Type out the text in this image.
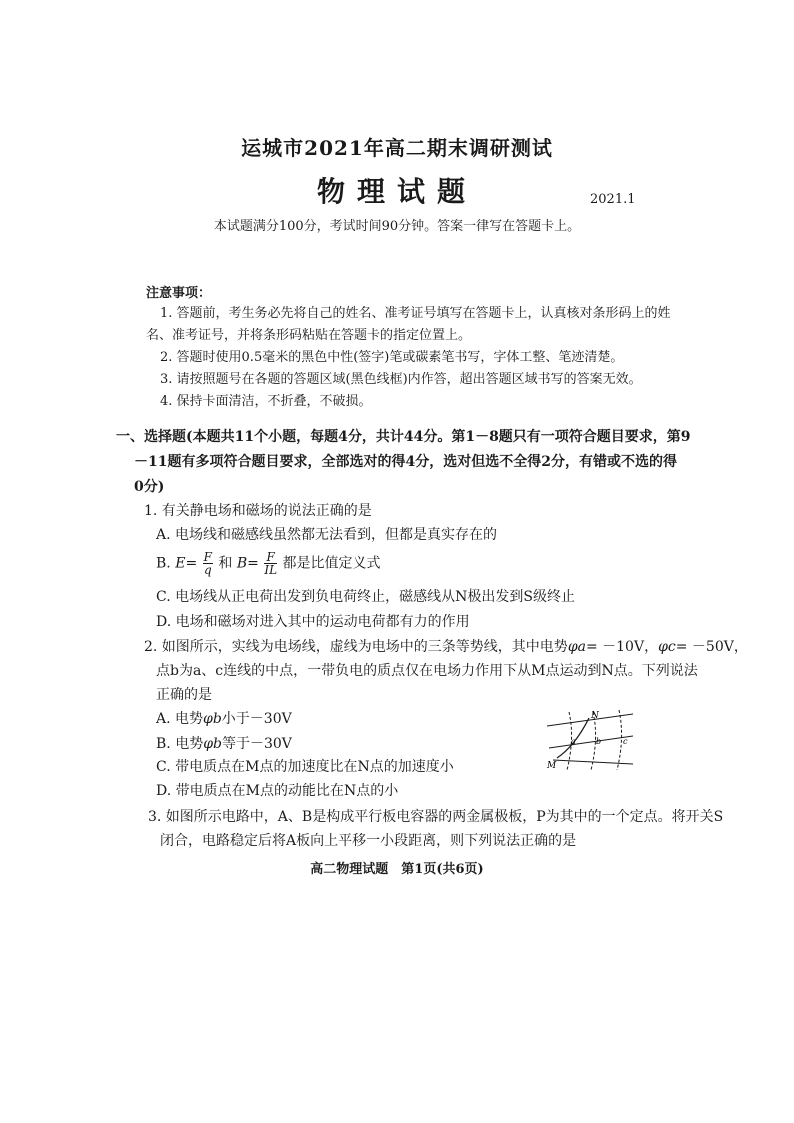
运城市2021年高二期末调研测试
物理试题	2021.1
本试题满分100分，考试时间90分钟。答案一律写在答题卡上。
注意事项：
1. 答题前，考生务必先将自己的姓名、准考证号填写在答题卡上，认真核对条形码上的姓
名、准考证号，并将条形码粘贴在答题卡的指定位置上。
2. 答题时使用0.5毫米的黑色中性(签字)笔或碳素笔书写，字体工整、笔迹清楚。
3. 请按照题号在各题的答题区域(黑色线框)内作答，超出答题区域书写的答案无效。
4. 保持卡面清洁，不折叠，不破损。
一、选择题(本题共11个小题，每题4分，共计44分。第1－8题只有一项符合题目要求，第9
－11题有多项符合题目要求，全部选对的得4分，选对但选不全得2分，有错或不选的得
0分)
1. 有关静电场和磁场的说法正确的是
A. 电场线和磁感线虽然都无法看到，但都是真实存在的
B. $E= \frac{F}{q}$ 和 $B= \frac{F}{IL}$ 都是比值定义式
C. 电场线从正电荷出发到负电荷终止，磁感线从N极出发到S级终止
D. 电场和磁场对进入其中的运动电荷都有力的作用
2. 如图所示，实线为电场线，虚线为电场中的三条等势线，其中电势φa= －10V，φc= －50V，
点b为a、c连线的中点，一带负电的质点仅在电场力作用下从M点运动到N点。下列说法
正确的是
A. 电势φb小于－30V
B. 电势φb等于－30V
C. 带电质点在M点的加速度比在N点的加速度小
D. 带电质点在M点的动能比在N点的小
N
M
a	b	c
3. 如图所示电路中，A、B是构成平行板电容器的两金属极板，P为其中的一个定点。将开关S
闭合，电路稳定后将A板向上平移一小段距离，则下列说法正确的是
高二物理试题　第1页(共6页)
